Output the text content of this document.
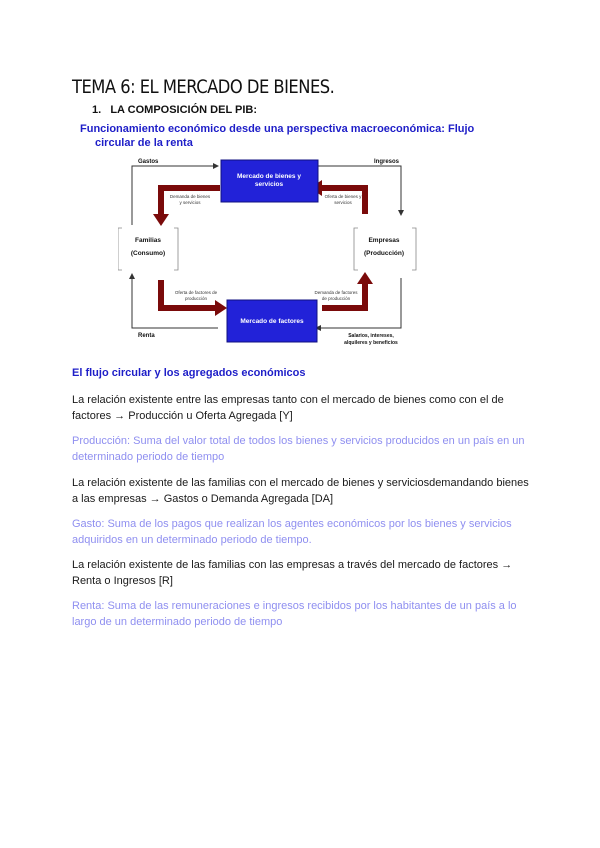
TEMA 6: EL MERCADO DE BIENES.
1.   LA COMPOSICIÓN DEL PIB:

Funcionamiento económico desde una perspectiva macroeconómica: Flujo
circular de la renta

Mercado de bienes y
servicios
Mercado de factores
Familias
(Consumo)
Empresas
(Producción)
Gastos	Ingresos
Renta	Salarios, intereses,
alquileres y beneficios
Demanda de bienes
y servicios
Oferta de bienes y
servicios
Oferta de factores de
producción
Demanda de factores
de producción
El flujo circular y los agregados económicos

La relación existente entre las empresas tanto con el mercado de bienes como con el de factores → Producción u Oferta Agregada [Y]

Producción: Suma del valor total de todos los bienes y servicios producidos en un país en un determinado periodo de tiempo

La relación existente de las familias con el mercado de bienes y serviciosdemandando bienes a las empresas → Gastos o Demanda Agregada [DA]

Gasto: Suma de los pagos que realizan los agentes económicos por los bienes y servicios adquiridos en un determinado periodo de tiempo.

La relación existente de las familias con las empresas a través del mercado de factores → Renta o Ingresos [R]

Renta: Suma de las remuneraciones e ingresos recibidos por los habitantes de un país a lo largo de un determinado periodo de tiempo
